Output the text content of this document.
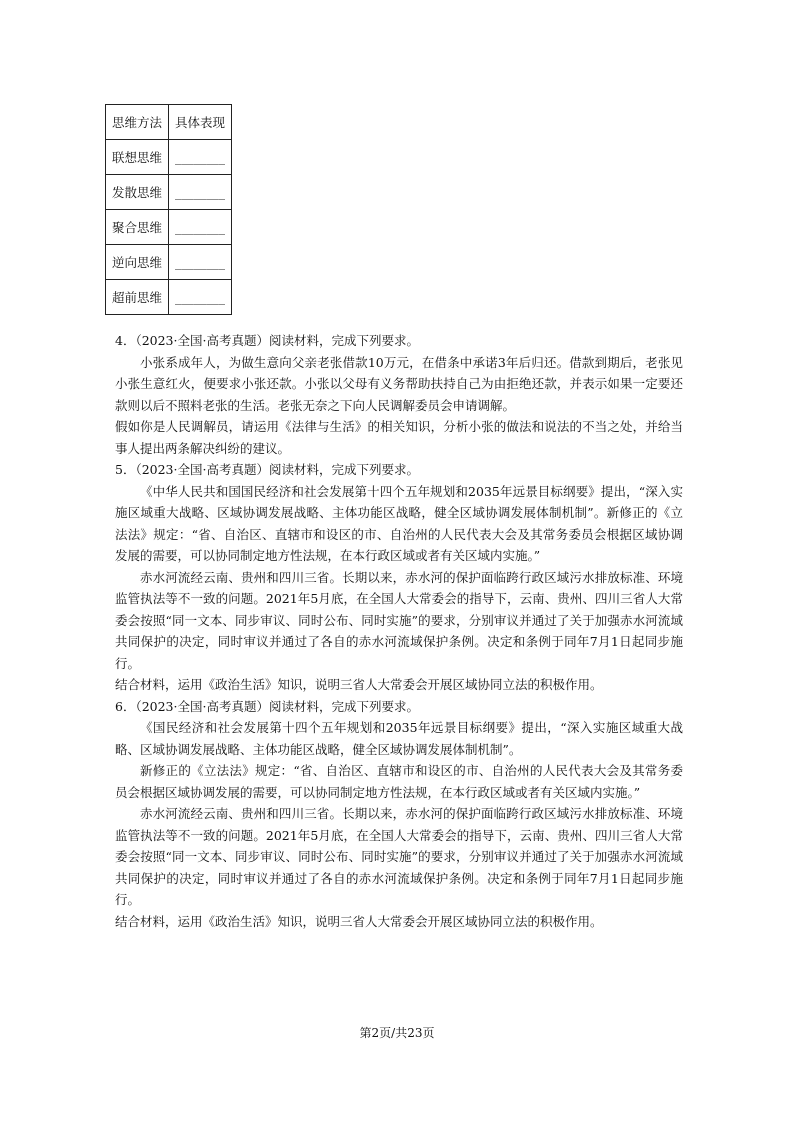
思维方法	具体表现
联想思维	________
发散思维	________
聚合思维	________
逆向思维	________
超前思维	________

4．（2023·全国·高考真题）阅读材料，完成下列要求。

小张系成年人，为做生意向父亲老张借款10万元，在借条中承诺3年后归还。借款到期后，老张见小张生意红火，便要求小张还款。小张以父母有义务帮助扶持自己为由拒绝还款，并表示如果一定要还款则以后不照料老张的生活。老张无奈之下向人民调解委员会申请调解。

假如你是人民调解员，请运用《法律与生活》的相关知识，分析小张的做法和说法的不当之处，并给当事人提出两条解决纠纷的建议。

5．（2023·全国·高考真题）阅读材料，完成下列要求。

《中华人民共和国国民经济和社会发展第十四个五年规划和2035年远景目标纲要》提出，“深入实施区域重大战略、区域协调发展战略、主体功能区战略，健全区域协调发展体制机制”。新修正的《立法法》规定：“省、自治区、直辖市和设区的市、自治州的人民代表大会及其常务委员会根据区域协调发展的需要，可以协同制定地方性法规，在本行政区域或者有关区域内实施。”

赤水河流经云南、贵州和四川三省。长期以来，赤水河的保护面临跨行政区域污水排放标准、环境监管执法等不一致的问题。2021年5月底，在全国人大常委会的指导下，云南、贵州、四川三省人大常委会按照“同一文本、同步审议、同时公布、同时实施”的要求，分别审议并通过了关于加强赤水河流域共同保护的决定，同时审议并通过了各自的赤水河流域保护条例。决定和条例于同年7月1日起同步施行。

结合材料，运用《政治生活》知识，说明三省人大常委会开展区域协同立法的积极作用。

6．（2023·全国·高考真题）阅读材料，完成下列要求。

《国民经济和社会发展第十四个五年规划和2035年远景目标纲要》提出，“深入实施区域重大战略、区域协调发展战略、主体功能区战略，健全区域协调发展体制机制”。

新修正的《立法法》规定：“省、自治区、直辖市和设区的市、自治州的人民代表大会及其常务委员会根据区域协调发展的需要，可以协同制定地方性法规，在本行政区域或者有关区域内实施。”

赤水河流经云南、贵州和四川三省。长期以来，赤水河的保护面临跨行政区域污水排放标准、环境监管执法等不一致的问题。2021年5月底，在全国人大常委会的指导下，云南、贵州、四川三省人大常委会按照“同一文本、同步审议、同时公布、同时实施”的要求，分别审议并通过了关于加强赤水河流域共同保护的决定，同时审议并通过了各自的赤水河流域保护条例。决定和条例于同年7月1日起同步施行。

结合材料，运用《政治生活》知识，说明三省人大常委会开展区域协同立法的积极作用。

第2页/共23页
